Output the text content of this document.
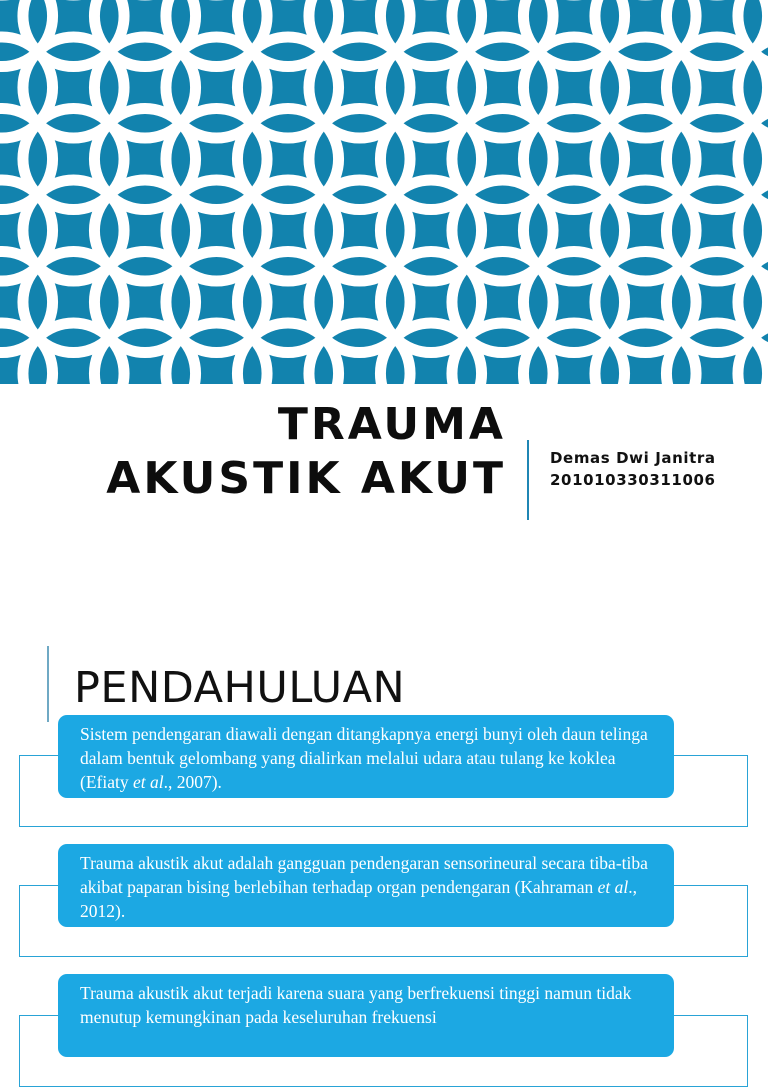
TRAUMA
AKUSTIK AKUT	Demas Dwi Janitra
201010330311006
PENDAHULUAN
Sistem pendengaran diawali dengan ditangkapnya energi bunyi oleh daun telinga dalam bentuk gelombang yang dialirkan melalui udara atau tulang ke koklea (Efiaty et al., 2007).
Trauma akustik akut adalah gangguan pendengaran sensorineural secara tiba-tiba akibat paparan bising berlebihan terhadap organ pendengaran (Kahraman et al., 2012).
Trauma akustik akut terjadi karena suara yang berfrekuensi tinggi namun tidak menutup kemungkinan pada keseluruhan frekuensi
